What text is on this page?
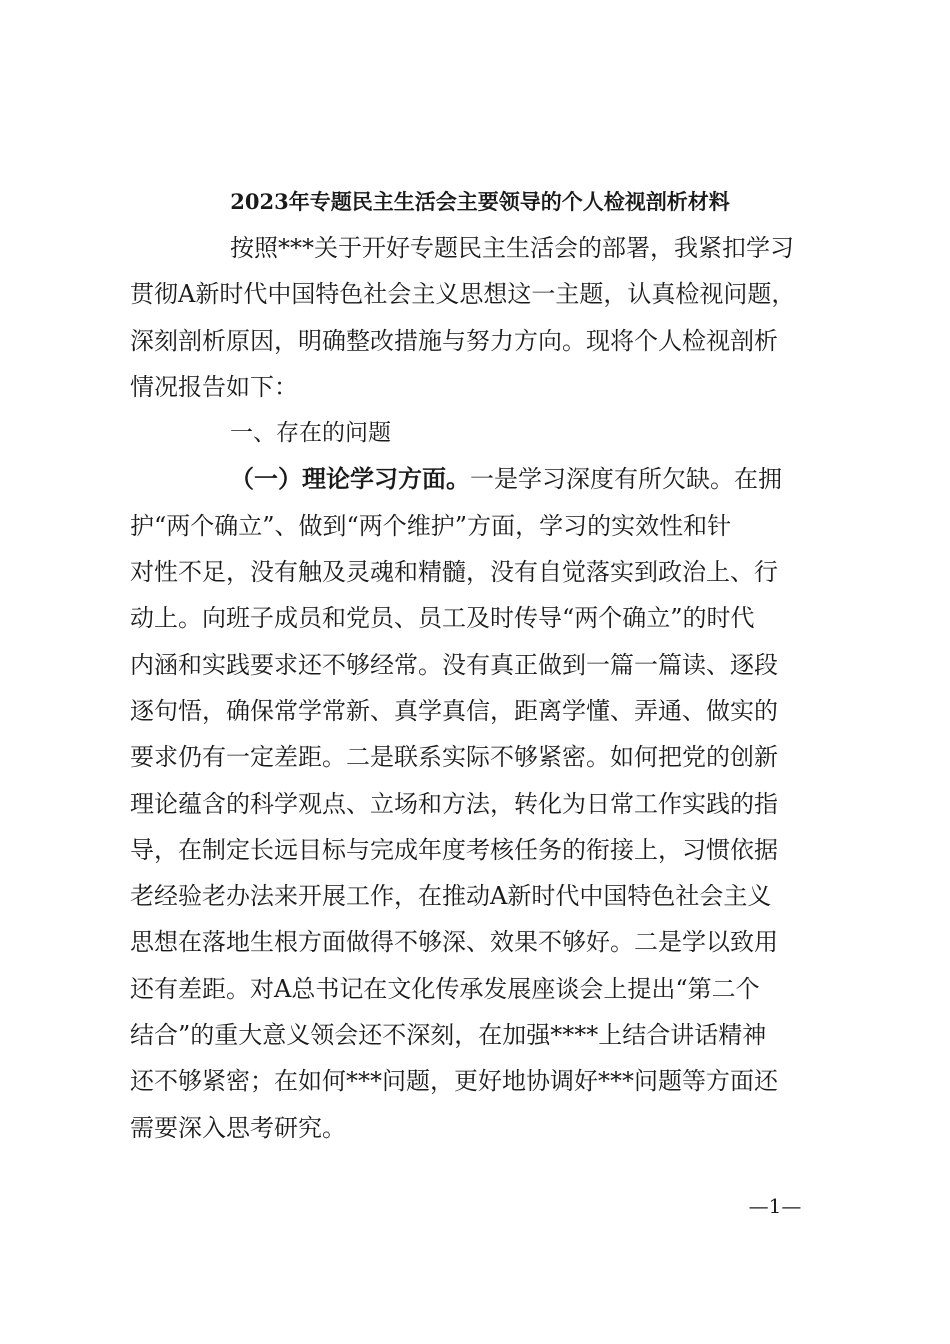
2023年专题民主生活会主要领导的个人检视剖析材料
按照***关于开好专题民主生活会的部署，我紧扣学习
贯彻A新时代中国特色社会主义思想这一主题，认真检视问题，
深刻剖析原因，明确整改措施与努力方向。现将个人检视剖析
情况报告如下：
一、存在的问题
（一）理论学习方面。一是学习深度有所欠缺。在拥
护“两个确立”、做到“两个维护”方面，学习的实效性和针
对性不足，没有触及灵魂和精髓，没有自觉落实到政治上、行
动上。向班子成员和党员、员工及时传导“两个确立”的时代
内涵和实践要求还不够经常。没有真正做到一篇一篇读、逐段
逐句悟，确保常学常新、真学真信，距离学懂、弄通、做实的
要求仍有一定差距。二是联系实际不够紧密。如何把党的创新
理论蕴含的科学观点、立场和方法，转化为日常工作实践的指
导，在制定长远目标与完成年度考核任务的衔接上，习惯依据
老经验老办法来开展工作，在推动A新时代中国特色社会主义
思想在落地生根方面做得不够深、效果不够好。二是学以致用
还有差距。对A总书记在文化传承发展座谈会上提出“第二个
结合”的重大意义领会还不深刻，在加强****上结合讲话精神
还不够紧密；在如何***问题，更好地协调好***问题等方面还
需要深入思考研究。
—1—
